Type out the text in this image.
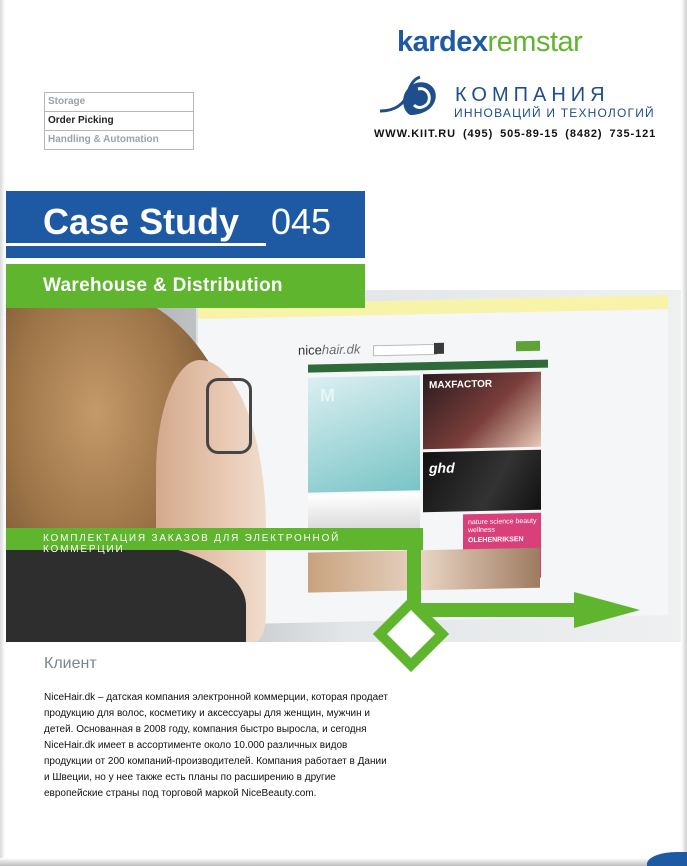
nicehair.dk
M
MAXFACTOR
ghd
nature science beauty wellness
OLEHENRIKSEN
kardexremstar
КОМПАНИЯ
ИННОВАЦИЙ И ТЕХНОЛОГИЙ
WWW.KIIT.RU (495) 505-89-15 (8482) 735-121
Storage
Order Picking
Handling & Automation
Case Study 045
Warehouse & Distribution
КОМПЛЕКТАЦИЯ ЗАКАЗОВ ДЛЯ ЭЛЕКТРОННОЙ КОММЕРЦИИ
Клиент
NiceHair.dk – датская компания электронной коммерции, которая продает продукцию для волос, косметику и аксессуары для женщин, мужчин и детей. Основанная в 2008 году, компания быстро выросла, и сегодня NiceHair.dk имеет в ассортименте около 10.000 различных видов продукции от 200 компаний-производителей. Компания работает в Дании и Швеции, но у нее также есть планы по расширению в другие европейские страны под торговой маркой NiceBeauty.com.
